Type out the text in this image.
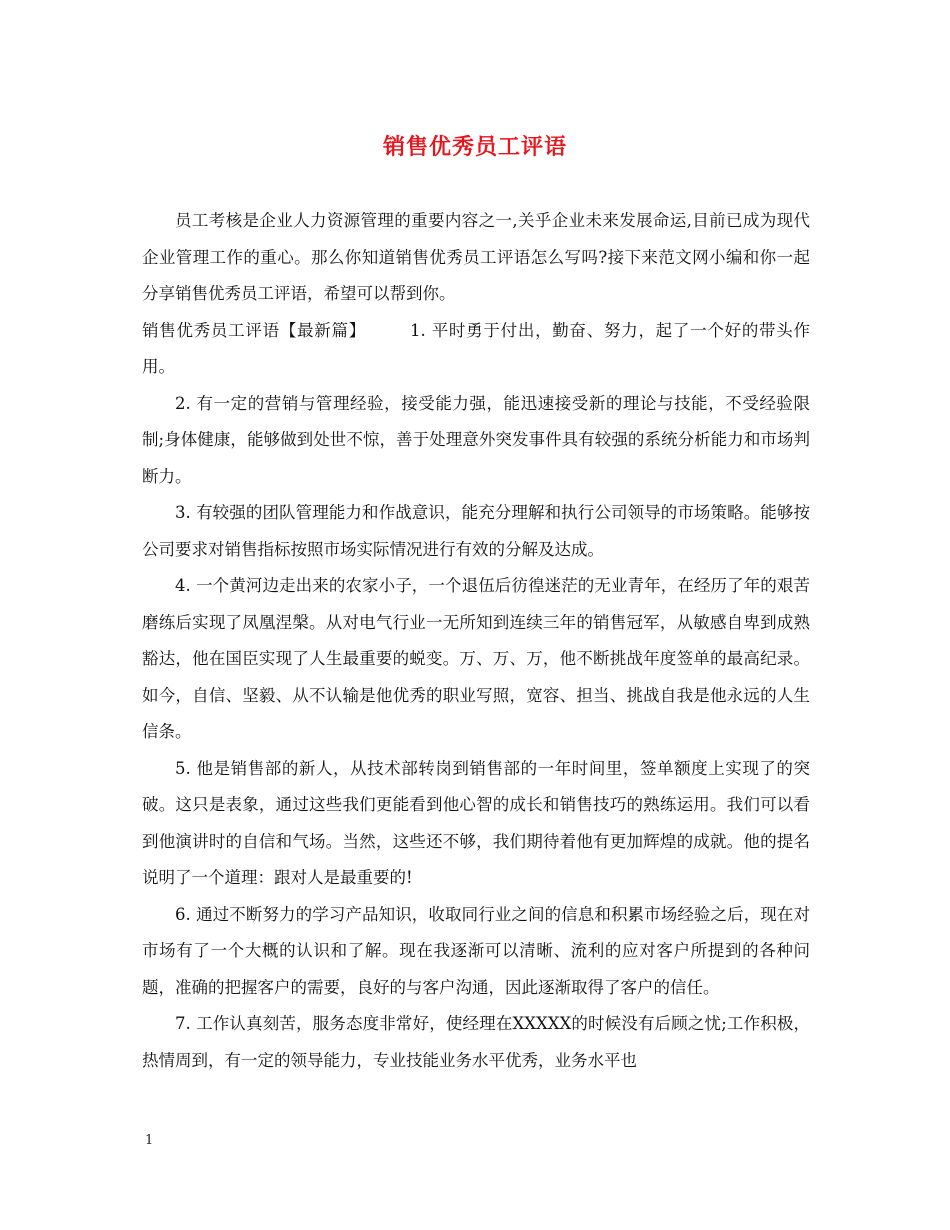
销售优秀员工评语

员工考核是企业人力资源管理的重要内容之一,关乎企业未来发展命运,目前已成为现代企业管理工作的重心。那么你知道销售优秀员工评语怎么写吗?接下来范文网小编和你一起分享销售优秀员工评语，希望可以帮到你。

销售优秀员工评语【最新篇】	1. 平时勇于付出，勤奋、努力，起了一个好的带头作用。

2. 有一定的营销与管理经验，接受能力强，能迅速接受新的理论与技能，不受经验限制;身体健康，能够做到处世不惊，善于处理意外突发事件具有较强的系统分析能力和市场判断力。

3. 有较强的团队管理能力和作战意识，能充分理解和执行公司领导的市场策略。能够按公司要求对销售指标按照市场实际情况进行有效的分解及达成。

4. 一个黄河边走出来的农家小子，一个退伍后彷徨迷茫的无业青年，在经历了年的艰苦磨练后实现了凤凰涅槃。从对电气行业一无所知到连续三年的销售冠军，从敏感自卑到成熟豁达，他在国臣实现了人生最重要的蜕变。万、万、万，他不断挑战年度签单的最高纪录。如今，自信、坚毅、从不认输是他优秀的职业写照，宽容、担当、挑战自我是他永远的人生信条。

5. 他是销售部的新人，从技术部转岗到销售部的一年时间里，签单额度上实现了的突破。这只是表象，通过这些我们更能看到他心智的成长和销售技巧的熟练运用。我们可以看到他演讲时的自信和气场。当然，这些还不够，我们期待着他有更加辉煌的成就。他的提名说明了一个道理：跟对人是最重要的!

6. 通过不断努力的学习产品知识，收取同行业之间的信息和积累市场经验之后，现在对市场有了一个大概的认识和了解。现在我逐渐可以清晰、流利的应对客户所提到的各种问题，准确的把握客户的需要，良好的与客户沟通，因此逐渐取得了客户的信任。

7. 工作认真刻苦，服务态度非常好，使经理在XXXXX的时候没有后顾之忧;工作积极，热情周到，有一定的领导能力，专业技能业务水平优秀，业务水平也

1
